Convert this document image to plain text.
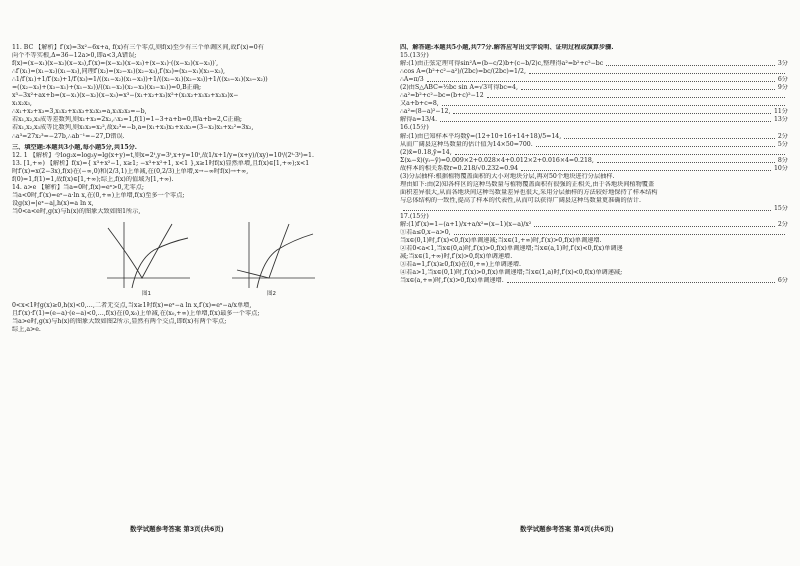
11. BC 【解析】f′(x)=3x²−6x+a, f(x)有三个零点,则f(x)至少有三个单调区间,故f′(x)=0有
向个不等实根,Δ=36−12a>0,即a<3,A错误;
f(x)=(x−x₁)(x−x₂)(x−x₃),f′(x)=(x−x₂)(x−x₃)+(x−x₁)·((x−x₂)(x−x₃))′,
∴f′(x₁)=(x₁−x₂)(x₁−x₃),同理f′(x₂)=(x₂−x₁)(x₂−x₃),f′(x₃)=(x₃−x₁)(x₃−x₂),
∴1/f′(x₁)+1/f′(x₂)+1/f′(x₃)=1/((x₁−x₂)(x₁−x₃))+1/((x₂−x₁)(x₂−x₃))+1/((x₃−x₁)(x₃−x₂))
=((x₂−x₃)+(x₃−x₁)+(x₁−x₂))/((x₁−x₂)(x₂−x₃)(x₃−x₁))=0,B正确;
x³−3x²+ax+b=(x−x₁)(x−x₂)(x−x₃)=x³−(x₁+x₂+x₃)x²+(x₁x₂+x₁x₃+x₂x₃)x−
x₁x₂x₃,
∴x₁+x₂+x₃=3,x₁x₂+x₁x₃+x₂x₃=a,x₁x₂x₃=−b,
若x₁,x₂,x₃成等差数列,则x₁+x₃=2x₂,∴x₂=1,f(1)=1−3+a+b=0,即a+b=2,C正确;
若x₁,x₂,x₃成等比数列,则x₁x₃=x₂²,故x₂³=−b,a=(x₁+x₃)x₂+x₁x₃=(3−x₂)x₂+x₂²=3x₂,
∴a³=27x₂³=−27b,∴ab⁻¹=−27,D错误.
三、填空题:本题共3小题,每小题5分,共15分.
12. 1 【解析】令log₂x=log₃y=lg(x+y)=t,则x=2ᵗ,y=3ᵗ,x+y=10ᵗ,故1/x+1/y=(x+y)/(xy)=10ᵗ/(2ᵗ·3ᵗ)=1.
13. [1,+∞) 【解析】f(x)={ x³+x²−1, x≥1; −x³+x²+1, x<1 },x≥1时f(x)显然单增,且f(x)∈[1,+∞);x<1
时f′(x)=x(2−3x),f(x)在(−∞,0)和(2/3,1)上单减,在(0,2/3)上单增,x→−∞时f(x)→+∞,
f(0)=1,f(1)=1,故f(x)∈[1,+∞);综上,f(x)的值域为[1,+∞).
14. a>e 【解析】当a=0时,f(x)=eˣ>0,无零点;
当a<0时,f′(x)=eˣ−a·ln x,在(0,+∞)上单增,f(x)至多一个零点;
设g(x)=|eˣ−a|,h(x)=a ln x,
当0<a<e时,g(x)与h(x)的图象大致如图1所示,
图1	图2
0<x<1时g(x)≥0,h(x)<0,…,二者无交点,当x≥1时f(x)=eˣ−a ln x,f′(x)=eˣ−a/x单增,
且f′(x)·f′(1)=(e−a)·(e−a)<0,…,f(x)在(0,x₀)上单减,在(x₀,+∞)上单增,f(x)最多一个零点;
当a>e时,g(x)与h(x)的图象大致如图2所示,显然有两个交点,即f(x)有两个零点;
综上,a>e.
四、解答题:本题共5小题,共77分.解答应写出文字说明、证明过程或演算步骤.
15.(13分)
解:(1)由正弦定理可得sin²A=(b−c/2)b+(c−b/2)c,整理得a²=b²+c²−bc	3分
∴cos A=(b²+c²−a²)/(2bc)=bc/(2bc)=1/2,
∴A=π/3	6分
(2)由S△ABC=½bc sin A=√3可得bc=4,	9分
∴a²=b²+c²−bc=(b+c)²−12
又a+b+c=8,
∴a²=(8−a)²−12,	11分
解得a=13/4.	13分
16.(15分)
解:(1)由已知样本平均数ȳ=(12+10+16+14+18)/5=14,	2分
从而广阔县这种鸟数量的估计值为14×50=700.	5分
(2)x̄=0.18,ȳ=14,
Σ(xᵢ−x̄)(yᵢ−ȳ)=0.009×2+0.028×4+0.012×2+0.016×4=0.218,	8分
故样本的相关系数r≈0.218/√0.232≈0.94	10分
(3)分层抽样:根据植物覆盖面积的大小对地块分层,再对50个地块进行分层抽样.
理由如下:由(2)知各样区的这种鸟数量与植物覆盖面积有很强的正相关,由于各地块间植物覆盖
面积差异很大,从而各地块间这种鸟数量差异也很大,采用分层抽样的方法较好地保持了样本结构
与总体结构的一致性,提高了样本的代表性,从而可以获得广阔县这种鸟数量更准确的估计.
15分
17.(15分)
解:(1)f′(x)=1−(a+1)/x+a/x²=(x−1)(x−a)/x²	2分
①若a≤0,x−a>0,
当x∈(0,1)时,f′(x)<0,f(x)单调递减;当x∈(1,+∞)时,f′(x)>0,f(x)单调递增.
②若0<a<1,当x∈(0,a)时,f′(x)>0,f(x)单调递增;当x∈(a,1)时,f′(x)<0,f(x)单调递
减;当x∈(1,+∞)时,f′(x)>0,f(x)单调递增.
③若a=1,f′(x)≥0,f(x)在(0,+∞)上单调递增.
④若a>1,当x∈(0,1)时,f′(x)>0,f(x)单调递增;当x∈(1,a)时,f′(x)<0,f(x)单调递减;
当x∈(a,+∞)时,f′(x)>0,f(x)单调递增.	6分
数学试题参考答案 第3页(共6页)	数学试题参考答案 第4页(共6页)
